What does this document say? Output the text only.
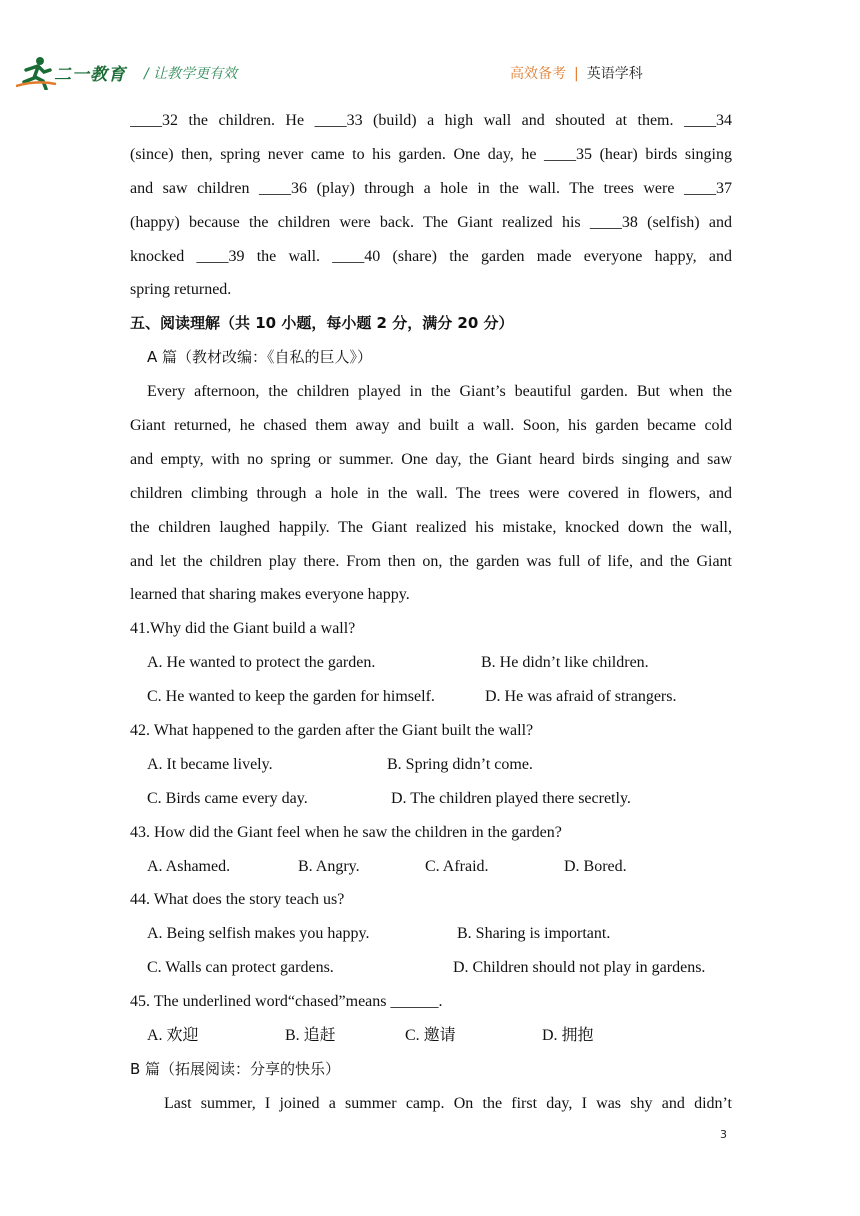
二一教育 / 让教学更有效	高效备考 | 英语学科
____32 the children. He ____33 (build) a high wall and shouted at them. ____34
(since) then, spring never came to his garden. One day, he ____35 (hear) birds singing
and saw children ____36 (play) through a hole in the wall. The trees were ____37
(happy) because the children were back. The Giant realized his ____38 (selfish) and
knocked ____39 the wall. ____40 (share) the garden made everyone happy, and
spring returned.
五、阅读理解（共 10 小题，每小题 2 分，满分 20 分）
A 篇（教材改编：《自私的巨人》）
Every afternoon, the children played in the Giant’s beautiful garden. But when the
Giant returned, he chased them away and built a wall. Soon, his garden became cold
and empty, with no spring or summer. One day, the Giant heard birds singing and saw
children climbing through a hole in the wall. The trees were covered in flowers, and
the children laughed happily. The Giant realized his mistake, knocked down the wall,
and let the children play there. From then on, the garden was full of life, and the Giant
learned that sharing makes everyone happy.
41.Why did the Giant build a wall?
A. He wanted to protect the garden.	B. He didn’t like children.
C. He wanted to keep the garden for himself.	D. He was afraid of strangers.
42. What happened to the garden after the Giant built the wall?
A. It became lively.	B. Spring didn’t come.
C. Birds came every day.	D. The children played there secretly.
43. How did the Giant feel when he saw the children in the garden?
A. Ashamed.	B. Angry.	C. Afraid.	D. Bored.
44. What does the story teach us?
A. Being selfish makes you happy.	B. Sharing is important.
C. Walls can protect gardens.	D. Children should not play in gardens.
45. The underlined word“chased”means ______.
A. 欢迎	B. 追赶	C. 邀请	D. 拥抱
B 篇（拓展阅读：分享的快乐）
Last summer, I joined a summer camp. On the first day, I was shy and didn’t
3
